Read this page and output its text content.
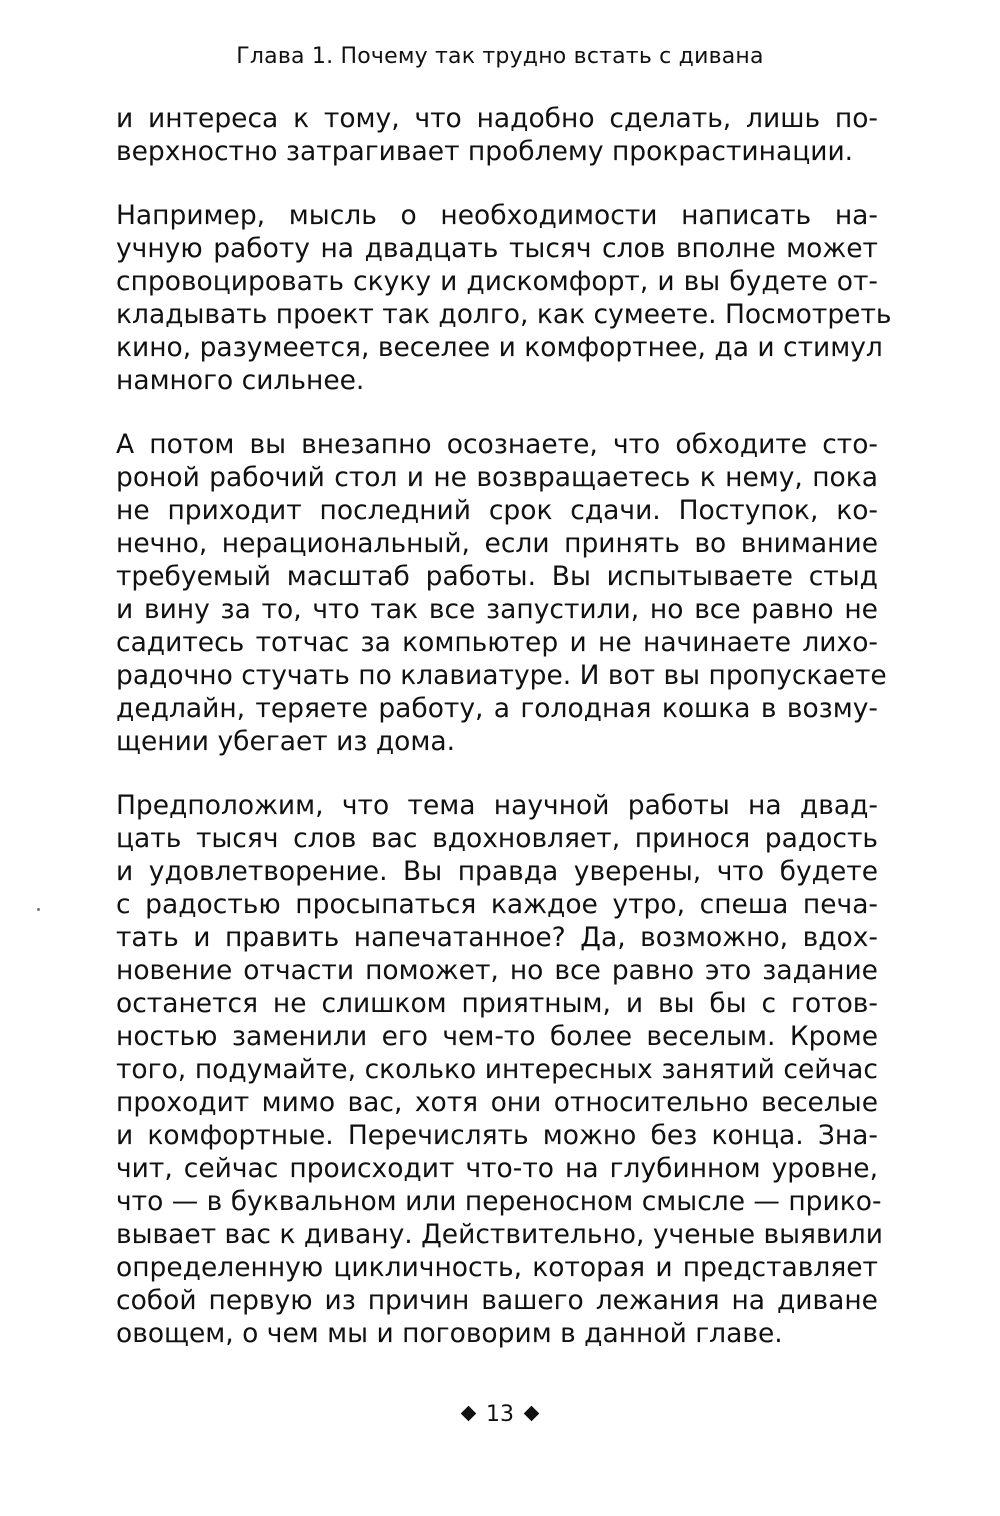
Глава 1. Почему так трудно встать с дивана

и интереса к тому, что надобно сделать, лишь по-
верхностно затрагивает проблему прокрастинации.

Например, мысль о необходимости написать на-
учную работу на двадцать тысяч слов вполне может
спровоцировать скуку и дискомфорт, и вы будете от-
кладывать проект так долго, как сумеете. Посмотреть
кино, разумеется, веселее и комфортнее, да и стимул
намного сильнее.

А потом вы внезапно осознаете, что обходите сто-
роной рабочий стол и не возвращаетесь к нему, пока
не приходит последний срок сдачи. Поступок, ко-
нечно, нерациональный, если принять во внимание
требуемый масштаб работы. Вы испытываете стыд
и вину за то, что так все запустили, но все равно не
садитесь тотчас за компьютер и не начинаете лихо-
радочно стучать по клавиатуре. И вот вы пропускаете
дедлайн, теряете работу, а голодная кошка в возму-
щении убегает из дома.

Предположим, что тема научной работы на двад-
цать тысяч слов вас вдохновляет, принося радость
и удовлетворение. Вы правда уверены, что будете
с радостью просыпаться каждое утро, спеша печа-
тать и править напечатанное? Да, возможно, вдох-
новение отчасти поможет, но все равно это задание
останется не слишком приятным, и вы бы с готов-
ностью заменили его чем-то более веселым. Кроме
того, подумайте, сколько интересных занятий сейчас
проходит мимо вас, хотя они относительно веселые
и комфортные. Перечислять можно без конца. Зна-
чит, сейчас происходит что-то на глубинном уровне,
что — в буквальном или переносном смысле — прико-
вывает вас к дивану. Действительно, ученые выявили
определенную цикличность, которая и представляет
собой первую из причин вашего лежания на диване
овощем, о чем мы и поговорим в данной главе.

13
